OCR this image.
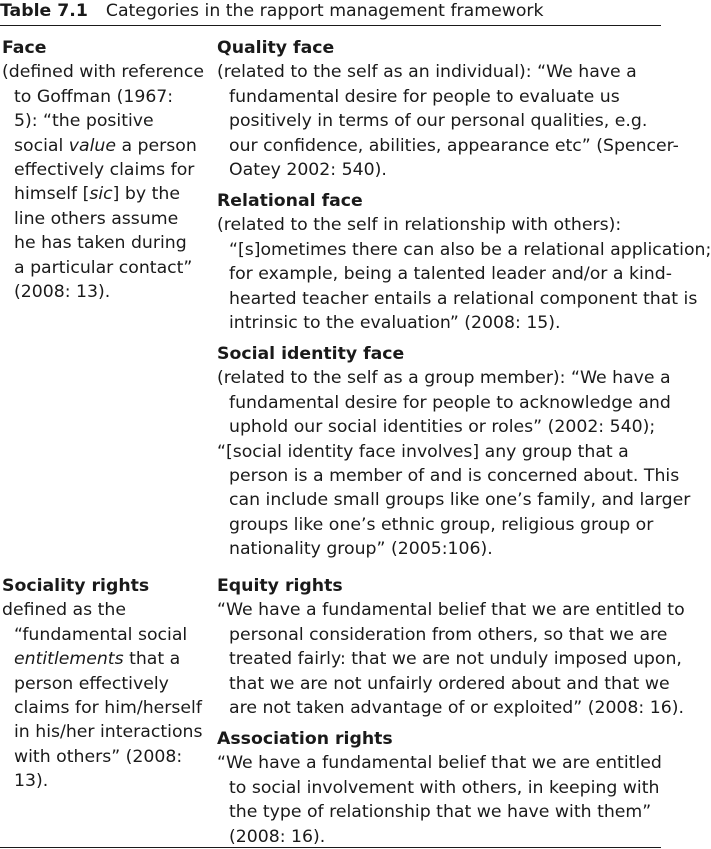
Table 7.1 Categories in the rapport management framework
Face
(defined with reference
to Goffman (1967:
5): “the positive
social value a person
effectively claims for
himself [sic] by the
line others assume
he has taken during
a particular contact”
(2008: 13).
Quality face
(related to the self as an individual): “We have a
fundamental desire for people to evaluate us
positively in terms of our personal qualities, e.g.
our confidence, abilities, appearance etc” (Spencer-
Oatey 2002: 540).
Relational face
(related to the self in relationship with others):
“[s]ometimes there can also be a relational application;
for example, being a talented leader and/or a kind-
hearted teacher entails a relational component that is
intrinsic to the evaluation” (2008: 15).
Social identity face
(related to the self as a group member): “We have a
fundamental desire for people to acknowledge and
uphold our social identities or roles” (2002: 540);
“[social identity face involves] any group that a
person is a member of and is concerned about. This
can include small groups like one’s family, and larger
groups like one’s ethnic group, religious group or
nationality group” (2005:106).
Sociality rights
defined as the
“fundamental social
entitlements that a
person effectively
claims for him/herself
in his/her interactions
with others” (2008:
13).
Equity rights
“We have a fundamental belief that we are entitled to
personal consideration from others, so that we are
treated fairly: that we are not unduly imposed upon,
that we are not unfairly ordered about and that we
are not taken advantage of or exploited” (2008: 16).
Association rights
“We have a fundamental belief that we are entitled
to social involvement with others, in keeping with
the type of relationship that we have with them”
(2008: 16).
